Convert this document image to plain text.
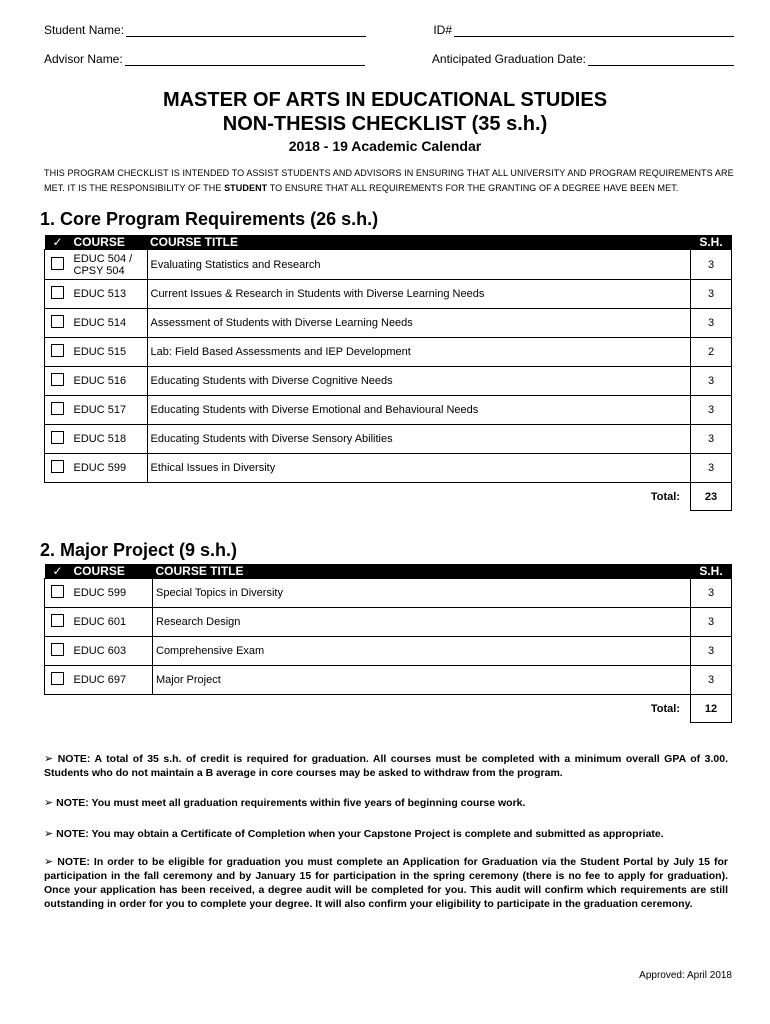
Student Name:	ID#
Advisor Name:	Anticipated Graduation Date:
MASTER OF ARTS IN EDUCATIONAL STUDIES
NON-THESIS CHECKLIST (35 s.h.)
2018 - 19 Academic Calendar
THIS PROGRAM CHECKLIST IS INTENDED TO ASSIST STUDENTS AND ADVISORS IN ENSURING THAT ALL UNIVERSITY AND PROGRAM REQUIREMENTS ARE MET. IT IS THE RESPONSIBILITY OF THE STUDENT TO ENSURE THAT ALL REQUIREMENTS FOR THE GRANTING OF A DEGREE HAVE BEEN MET.
1. Core Program Requirements (26 s.h.)
✓	COURSE	COURSE TITLE	S.H.
	EDUC 504 / CPSY 504	Evaluating Statistics and Research	3
	EDUC 513	Current Issues & Research in Students with Diverse Learning Needs	3
	EDUC 514	Assessment of Students with Diverse Learning Needs	3
	EDUC 515	Lab: Field Based Assessments and IEP Development	2
	EDUC 516	Educating Students with Diverse Cognitive Needs	3
	EDUC 517	Educating Students with Diverse Emotional and Behavioural Needs	3
	EDUC 518	Educating Students with Diverse Sensory Abilities	3
	EDUC 599	Ethical Issues in Diversity	3
Total:			23
2. Major Project (9 s.h.)
✓	COURSE	COURSE TITLE	S.H.
	EDUC 599	Special Topics in Diversity	3
	EDUC 601	Research Design	3
	EDUC 603	Comprehensive Exam	3
	EDUC 697	Major Project	3
Total:			12
➢ NOTE: A total of 35 s.h. of credit is required for graduation. All courses must be completed with a minimum overall GPA of 3.00. Students who do not maintain a B average in core courses may be asked to withdraw from the program.
➢ NOTE: You must meet all graduation requirements within five years of beginning course work.
➢ NOTE: You may obtain a Certificate of Completion when your Capstone Project is complete and submitted as appropriate.
➢ NOTE: In order to be eligible for graduation you must complete an Application for Graduation via the Student Portal by July 15 for participation in the fall ceremony and by January 15 for participation in the spring ceremony (there is no fee to apply for graduation). Once your application has been received, a degree audit will be completed for you. This audit will confirm which requirements are still outstanding in order for you to complete your degree. It will also confirm your eligibility to participate in the graduation ceremony.
Approved: April 2018
